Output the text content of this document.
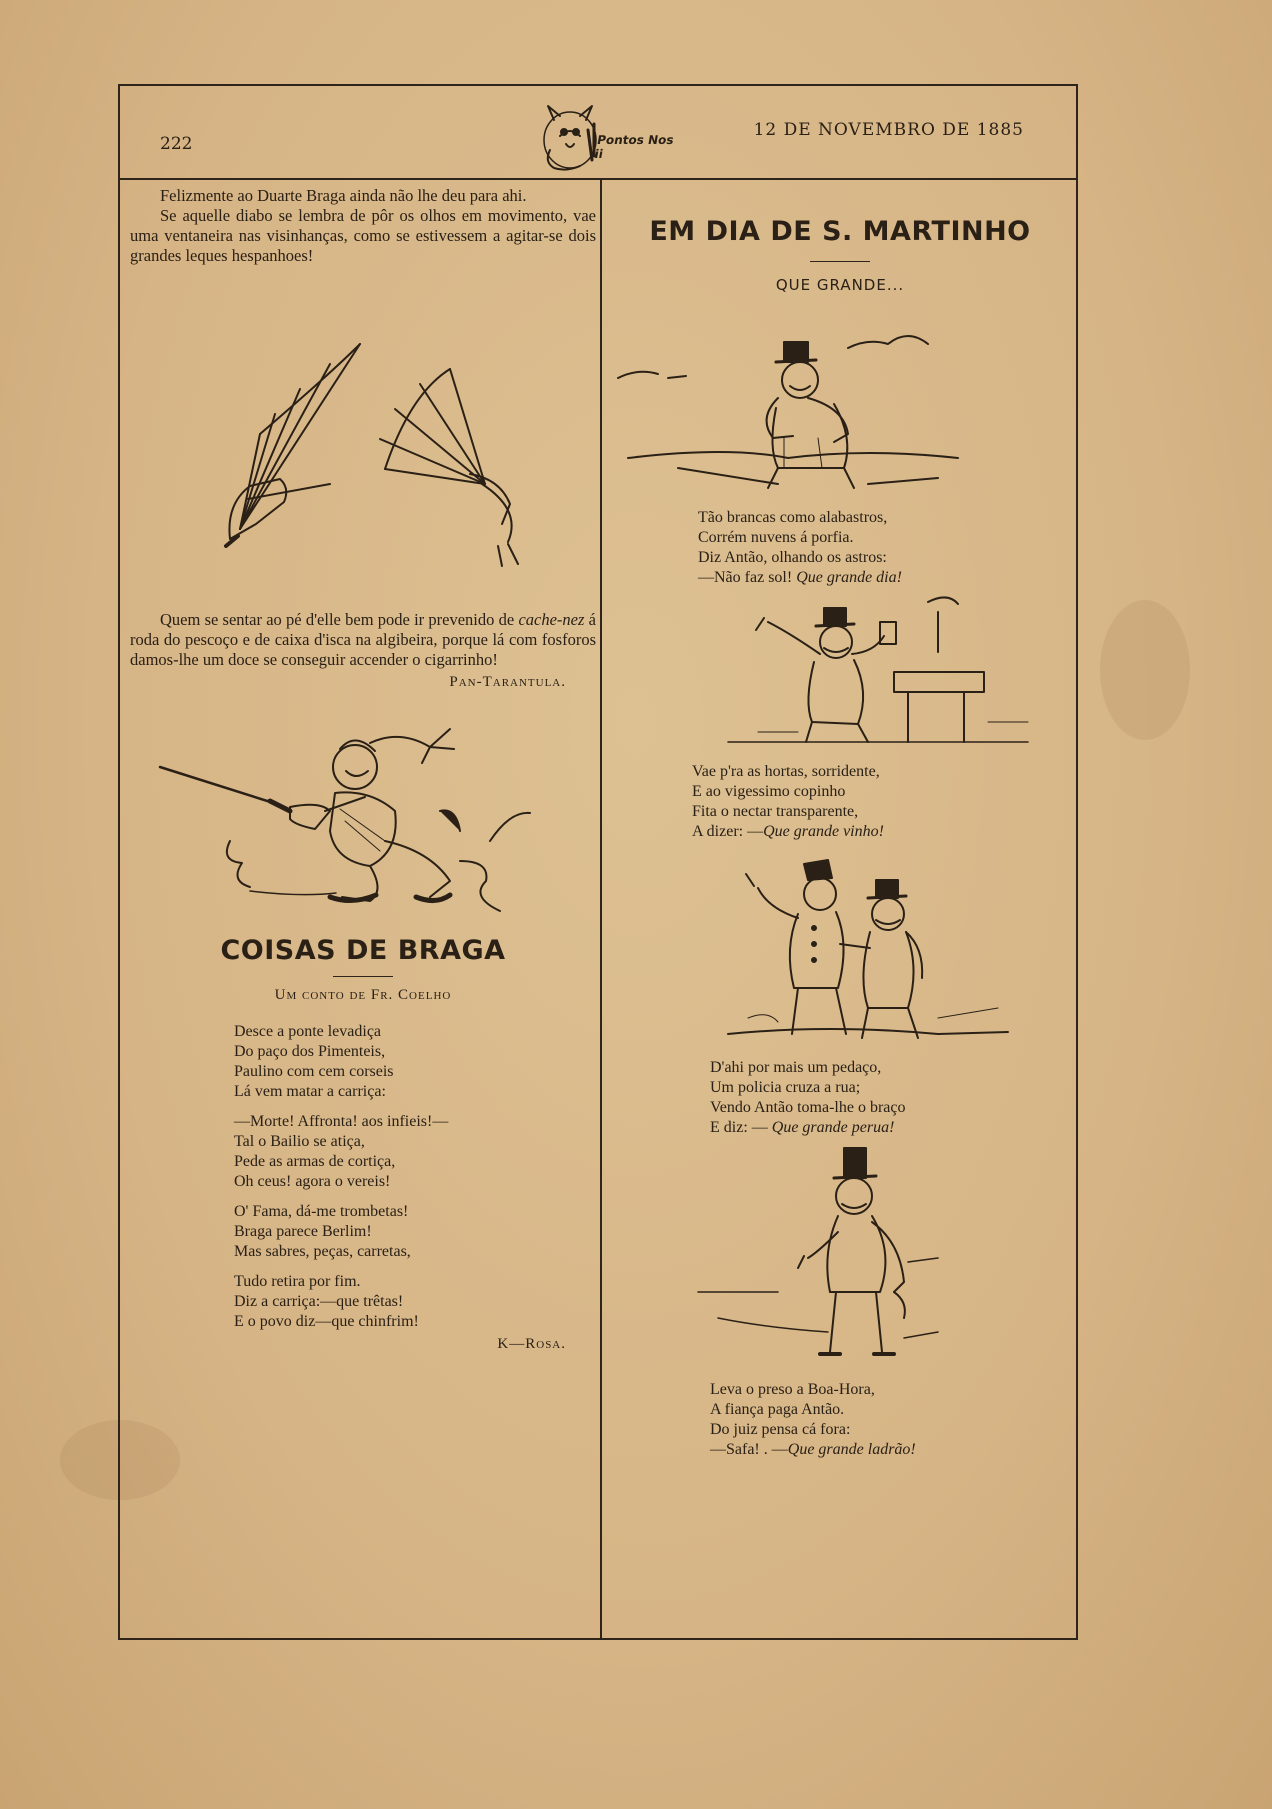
222	Pontos Nos ii
12 DE NOVEMBRO DE 1885

Felizmente ao Duarte Braga ainda não lhe deu para ahi.

Se aquelle diabo se lembra de pôr os olhos em movimento, vae uma ventaneira nas visinhanças, como se estivessem a agitar-se dois grandes leques hespanhoes!

Quem se sentar ao pé d'elle bem pode ir prevenido de cache-nez á roda do pescoço e de caixa d'isca na algibeira, porque lá com fosforos damos-lhe um doce se conseguir accender o cigarrinho!

Pan-Tarantula.
COISAS DE BRAGA
Um conto de Fr. Coelho
Desce a ponte levadiça
Do paço dos Pimenteis,
Paulino com cem corseis
Lá vem matar a carriça:
—Morte! Affronta! aos infieis!—
Tal o Bailio se atiça,
Pede as armas de cortiça,
Oh ceus! agora o vereis!
O' Fama, dá-me trombetas!
Braga parece Berlim!
Mas sabres, peças, carretas,
Tudo retira por fim.
Diz a carriça:—que trêtas!
E o povo diz—que chinfrim!
K—Rosa.
EM DIA DE S. MARTINHO
QUE GRANDE...
Tão brancas como alabastros,
Corrém nuvens á porfia.
Diz Antão, olhando os astros:
—Não faz sol! Que grande dia!
Vae p'ra as hortas, sorridente,
E ao vigessimo copinho
Fita o nectar transparente,
A dizer: —Que grande vinho!
D'ahi por mais um pedaço,
Um policia cruza a rua;
Vendo Antão toma-lhe o braço
E diz: — Que grande perua!
Leva o preso a Boa-Hora,
A fiança paga Antão.
Do juiz pensa cá fora:
—Safa! . —Que grande ladrão!
